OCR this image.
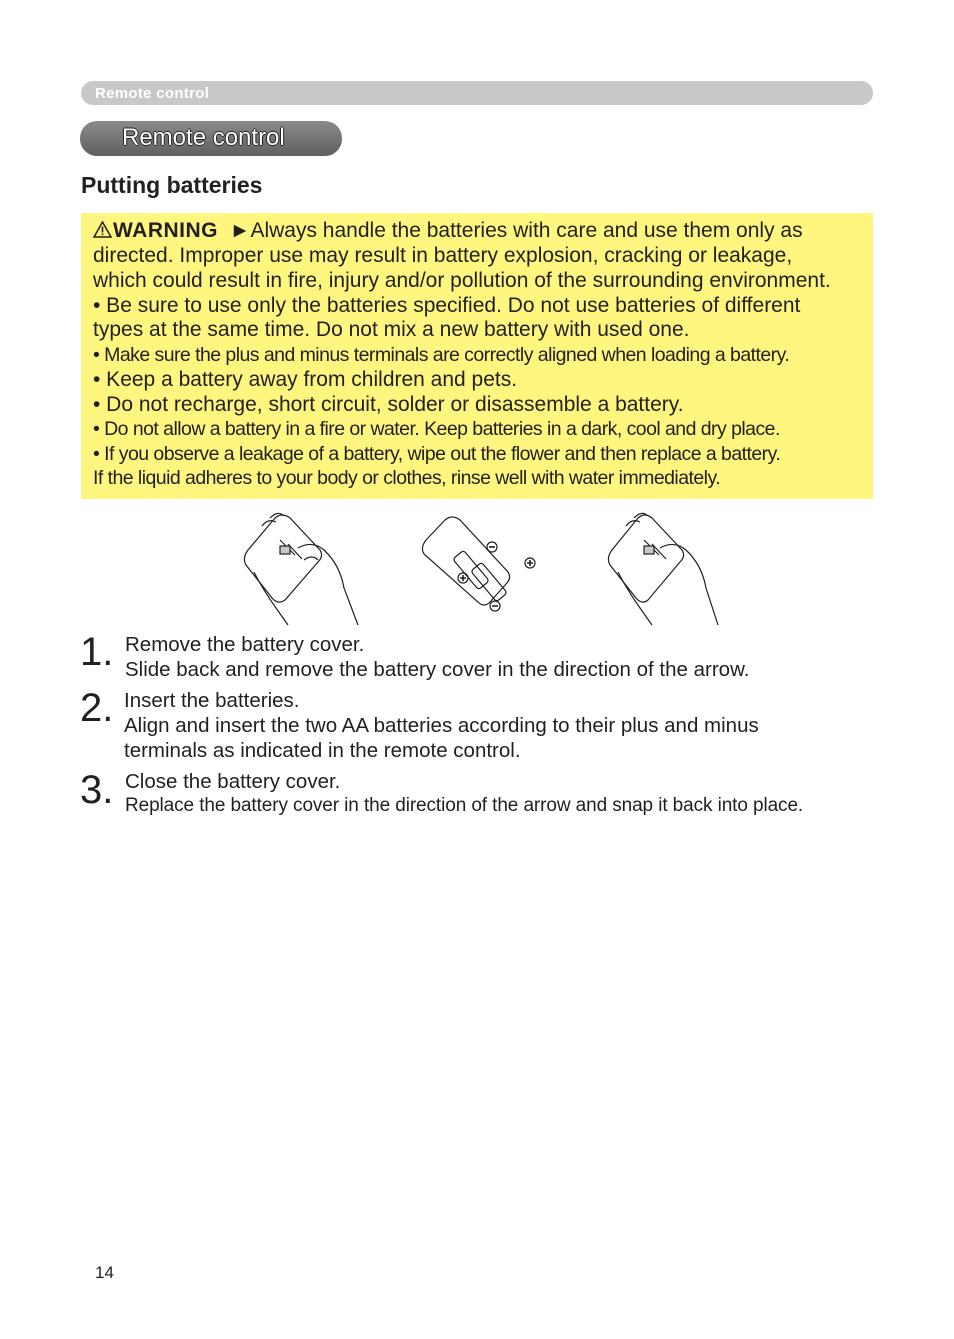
Remote control
Remote control
Putting batteries
WARNING ►Always handle the batteries with care and use them only as
directed. Improper use may result in battery explosion, cracking or leakage,
which could result in fire, injury and/or pollution of the surrounding environment.
• Be sure to use only the batteries specified. Do not use batteries of different
types at the same time. Do not mix a new battery with used one.
• Make sure the plus and minus terminals are correctly aligned when loading a battery.
• Keep a battery away from children and pets.
• Do not recharge, short circuit, solder or disassemble a battery.
• Do not allow a battery in a fire or water. Keep batteries in a dark, cool and dry place.
• If you observe a leakage of a battery, wipe out the flower and then replace a battery.
If the liquid adheres to your body or clothes, rinse well with water immediately.
1. Remove the battery cover.
Slide back and remove the battery cover in the direction of the arrow.
2. Insert the batteries.
Align and insert the two AA batteries according to their plus and minus
terminals as indicated in the remote control.
3. Close the battery cover.
Replace the battery cover in the direction of the arrow and snap it back into place.
14
